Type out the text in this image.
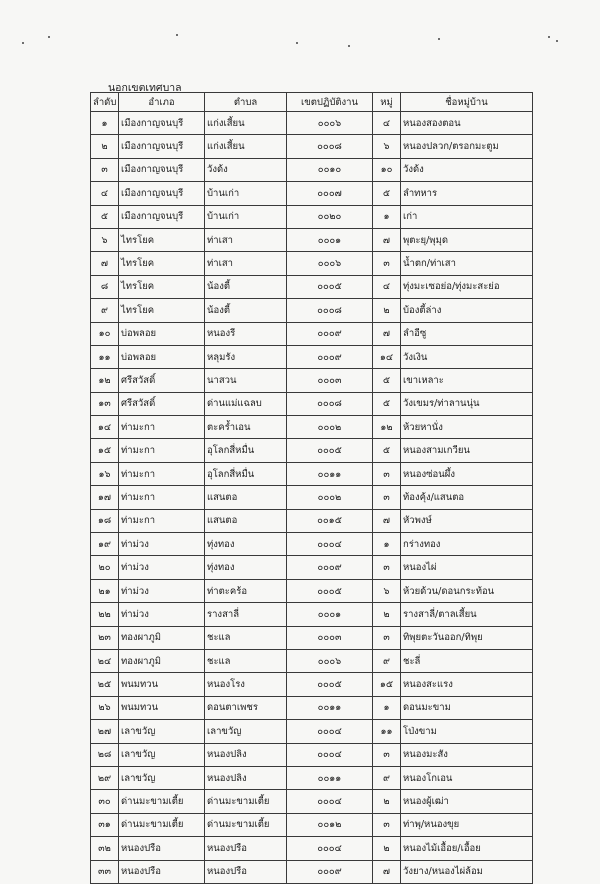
นอกเขตเทศบาล
ลำดับ	อำเภอ	ตำบล	เขตปฏิบัติงาน	หมู่	ชื่อหมู่บ้าน
๑	เมืองกาญจนบุรี	แก่งเสี้ยน	๐๐๐๖	๔	หนองสองตอน
๒	เมืองกาญจนบุรี	แก่งเสี้ยน	๐๐๐๘	๖	หนองปลวก/ตรอกมะตูม
๓	เมืองกาญจนบุรี	วังด้ง	๐๐๑๐	๑๐	วังด้ง
๔	เมืองกาญจนบุรี	บ้านเก่า	๐๐๐๗	๕	ลำทหาร
๕	เมืองกาญจนบุรี	บ้านเก่า	๐๐๒๐	๑	เก่า
๖	ไทรโยค	ท่าเสา	๐๐๐๑	๗	พุตะยุ/พุมุด
๗	ไทรโยค	ท่าเสา	๐๐๐๖	๓	น้ำตก/ท่าเสา
๘	ไทรโยค	น้องตี้	๐๐๐๕	๔	ทุ่งมะเซอย่อ/ทุ่งมะสะย่อ
๙	ไทรโยค	น้องตี้	๐๐๐๘	๒	บ้องตี้ล่าง
๑๐	บ่อพลอย	หนองรี	๐๐๐๙	๗	ลำอีซู
๑๑	บ่อพลอย	หลุมรัง	๐๐๐๙	๑๔	วังเงิน
๑๒	ศรีสวัสดิ์	นาสวน	๐๐๐๓	๕	เขาเหลาะ
๑๓	ศรีสวัสดิ์	ด่านแม่แฉลบ	๐๐๐๘	๕	วังเขมร/ท่าลานนุ่น
๑๔	ท่ามะกา	ตะคร้ำเอน	๐๐๐๒	๑๒	ห้วยหานั่ง
๑๕	ท่ามะกา	อุโลกสี่หมื่น	๐๐๐๕	๕	หนองสามเกวียน
๑๖	ท่ามะกา	อุโลกสี่หมื่น	๐๐๑๑	๓	หนองซ่อนผึ้ง
๑๗	ท่ามะกา	แสนตอ	๐๐๐๒	๓	ท้องคุ้ง/แสนตอ
๑๘	ท่ามะกา	แสนตอ	๐๐๑๕	๗	หัวพงษ์
๑๙	ท่าม่วง	ทุ่งทอง	๐๐๐๔	๑	กร่างทอง
๒๐	ท่าม่วง	ทุ่งทอง	๐๐๐๙	๓	หนองไผ่
๒๑	ท่าม่วง	ท่าตะคร้อ	๐๐๐๕	๖	ห้วยด้วน/ดอนกระท้อน
๒๒	ท่าม่วง	รางสาลี่	๐๐๐๑	๒	รางสาลี่/ตาลเสี้ยน
๒๓	ทองผาภูมิ	ชะแล	๐๐๐๓	๓	ทิพุยตะวันออก/ทิพุย
๒๔	ทองผาภูมิ	ชะแล	๐๐๐๖	๙	ชะลี่
๒๕	พนมทวน	หนองโรง	๐๐๐๕	๑๕	หนองสะแรง
๒๖	พนมทวน	ดอนตาเพชร	๐๐๑๑	๑	ดอนมะขาม
๒๗	เลาขวัญ	เลาขวัญ	๐๐๐๔	๑๑	โป่งขาม
๒๘	เลาขวัญ	หนองปลิง	๐๐๐๔	๓	หนองมะสัง
๒๙	เลาขวัญ	หนองปลิง	๐๐๑๑	๙	หนองโกเอน
๓๐	ด่านมะขามเตี้ย	ด่านมะขามเตี้ย	๐๐๐๔	๒	หนองผู้เฒ่า
๓๑	ด่านมะขามเตี้ย	ด่านมะขามเตี้ย	๐๐๑๒	๓	ท่าพุ/หนองขุย
๓๒	หนองปรือ	หนองปรือ	๐๐๐๔	๒	หนองไม้เอื้อย/เอื้อย
๓๓	หนองปรือ	หนองปรือ	๐๐๐๙	๗	วังยาง/หนองไผ่ล้อม
